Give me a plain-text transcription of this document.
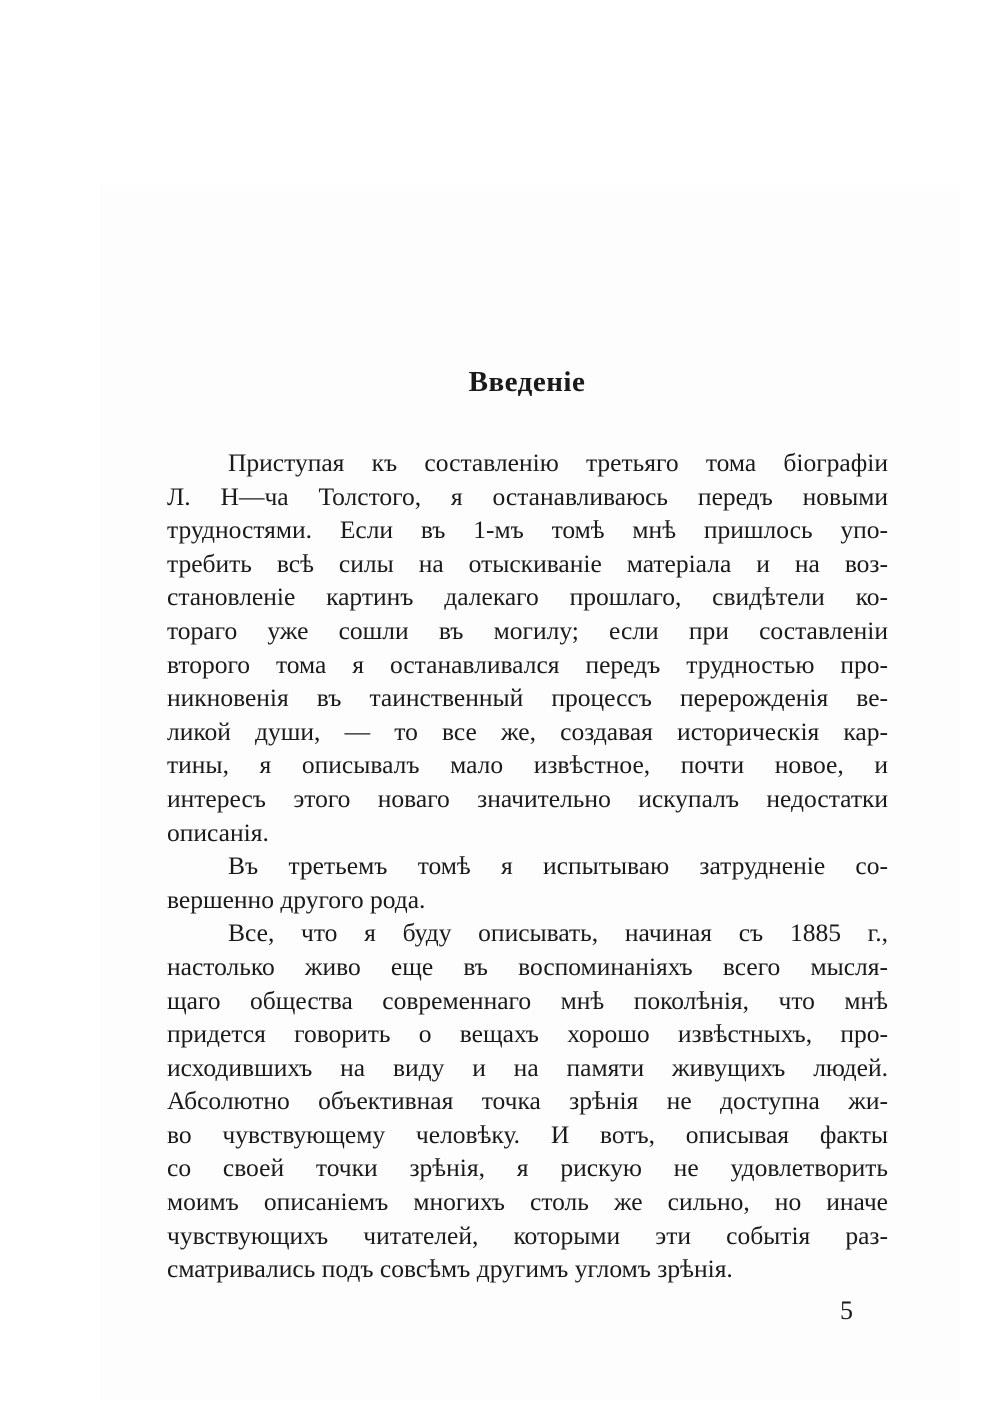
Введеніе
Приступая къ составленію третьяго тома біографіи
Л. Н—ча Толстого, я останавливаюсь передъ новыми
трудностями. Если въ 1-мъ томѣ мнѣ пришлось упо-
требить всѣ силы на отыскиваніе матеріала и на воз-
становленіе картинъ далекаго прошлаго, свидѣтели ко-
тораго уже сошли въ могилу; если при составленіи
второго тома я останавливался передъ трудностью про-
никновенія въ таинственный процессъ перерожденія ве-
ликой души, — то все же, создавая историческія кар-
тины, я описывалъ мало извѣстное, почти новое, и
интересъ этого новаго значительно искупалъ недостатки
описанія.
Въ третьемъ томѣ я испытываю затрудненіе со-
вершенно другого рода.
Все, что я буду описывать, начиная съ 1885 г.,
настолько живо еще въ воспоминаніяхъ всего мысля-
щаго общества современнаго мнѣ поколѣнія, что мнѣ
придется говорить о вещахъ хорошо извѣстныхъ, про-
исходившихъ на виду и на памяти живущихъ людей.
Абсолютно объективная точка зрѣнія не доступна жи-
во чувствующему человѣку. И вотъ, описывая факты
со своей точки зрѣнія, я рискую не удовлетворить
моимъ описаніемъ многихъ столь же сильно, но иначе
чувствующихъ читателей, которыми эти событія раз-
сматривались подъ совсѣмъ другимъ угломъ зрѣнія.
5
